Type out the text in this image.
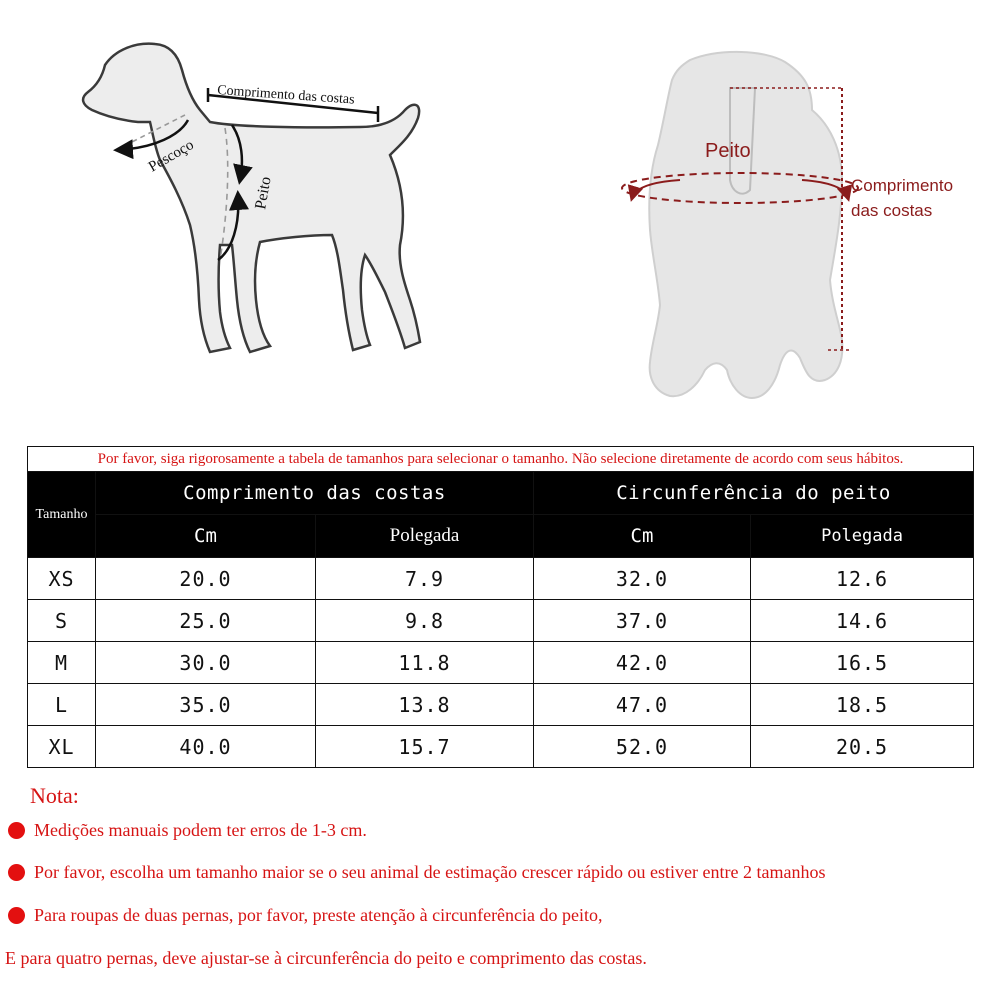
Comprimento das costas
Pescoço
Peito
Peito
Comprimento
das costas
Por favor, siga rigorosamente a tabela de tamanhos para selecionar o tamanho. Não selecione diretamente de acordo com seus hábitos.				
Tamanho	Comprimento das costas		Circunferência do peito	
	Cm	Polegada	Cm	Polegada
XS	20.0	7.9	32.0	12.6
S	25.0	9.8	37.0	14.6
M	30.0	11.8	42.0	16.5
L	35.0	13.8	47.0	18.5
XL	40.0	15.7	52.0	20.5
Nota:
Medições manuais podem ter erros de 1-3 cm.
Por favor, escolha um tamanho maior se o seu animal de estimação crescer rápido ou estiver entre 2 tamanhos
Para roupas de duas pernas, por favor, preste atenção à circunferência do peito,
E para quatro pernas, deve ajustar-se à circunferência do peito e comprimento das costas.
